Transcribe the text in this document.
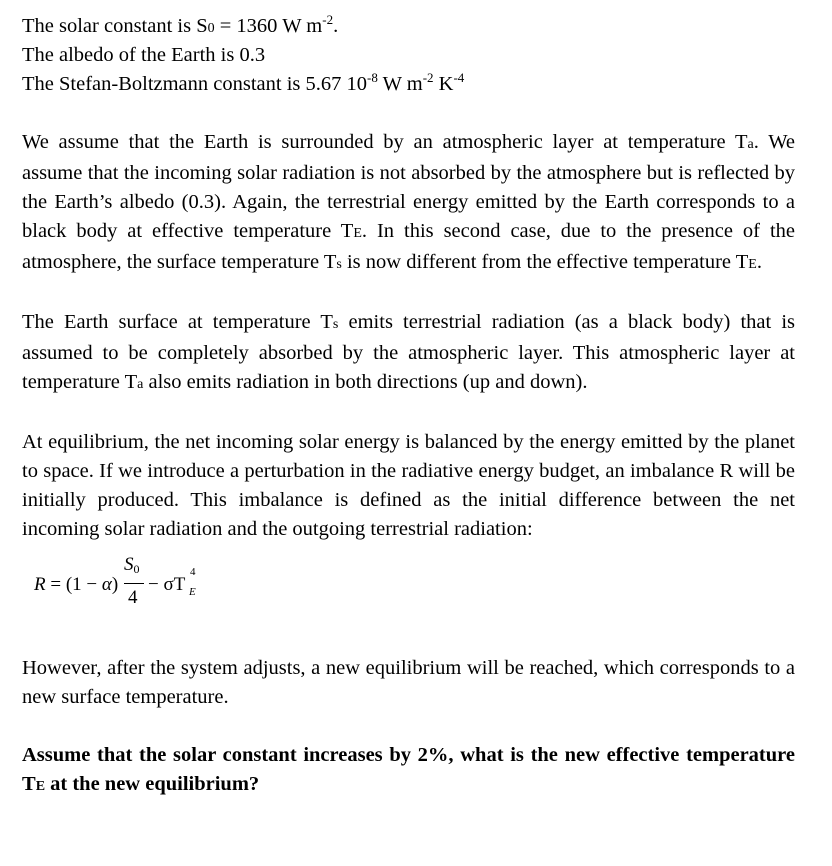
The solar constant is S0 = 1360 W $m^{-2}$.
The albedo of the Earth is 0.3
The Stefan-Boltzmann constant is 5.67 $10^{-8}$ W $m^{-2}$ $K^{-4}$

We assume that the Earth is surrounded by an atmospheric layer at temperature Ta. We assume that the incoming solar radiation is not absorbed by the atmosphere but is reflected by the Earth’s albedo (0.3). Again, the terrestrial energy emitted by the Earth corresponds to a black body at effective temperature TE. In this second case, due to the presence of the atmosphere, the surface temperature Ts is now different from the effective temperature TE.

The Earth surface at temperature Ts emits terrestrial radiation (as a black body) that is assumed to be completely absorbed by the atmospheric layer. This atmospheric layer at temperature Ta also emits radiation in both directions (up and down).

At equilibrium, the net incoming solar energy is balanced by the energy emitted by the planet to space. If we introduce a perturbation in the radiative energy budget, an imbalance R will be initially produced. This imbalance is defined as the initial difference between the net incoming solar radiation and the outgoing terrestrial radiation:

R = (1 − α)
S0
4
− σT
4
E

However, after the system adjusts, a new equilibrium will be reached, which corresponds to a new surface temperature.

Assume that the solar constant increases by 2%, what is the new effective temperature TE at the new equilibrium?
